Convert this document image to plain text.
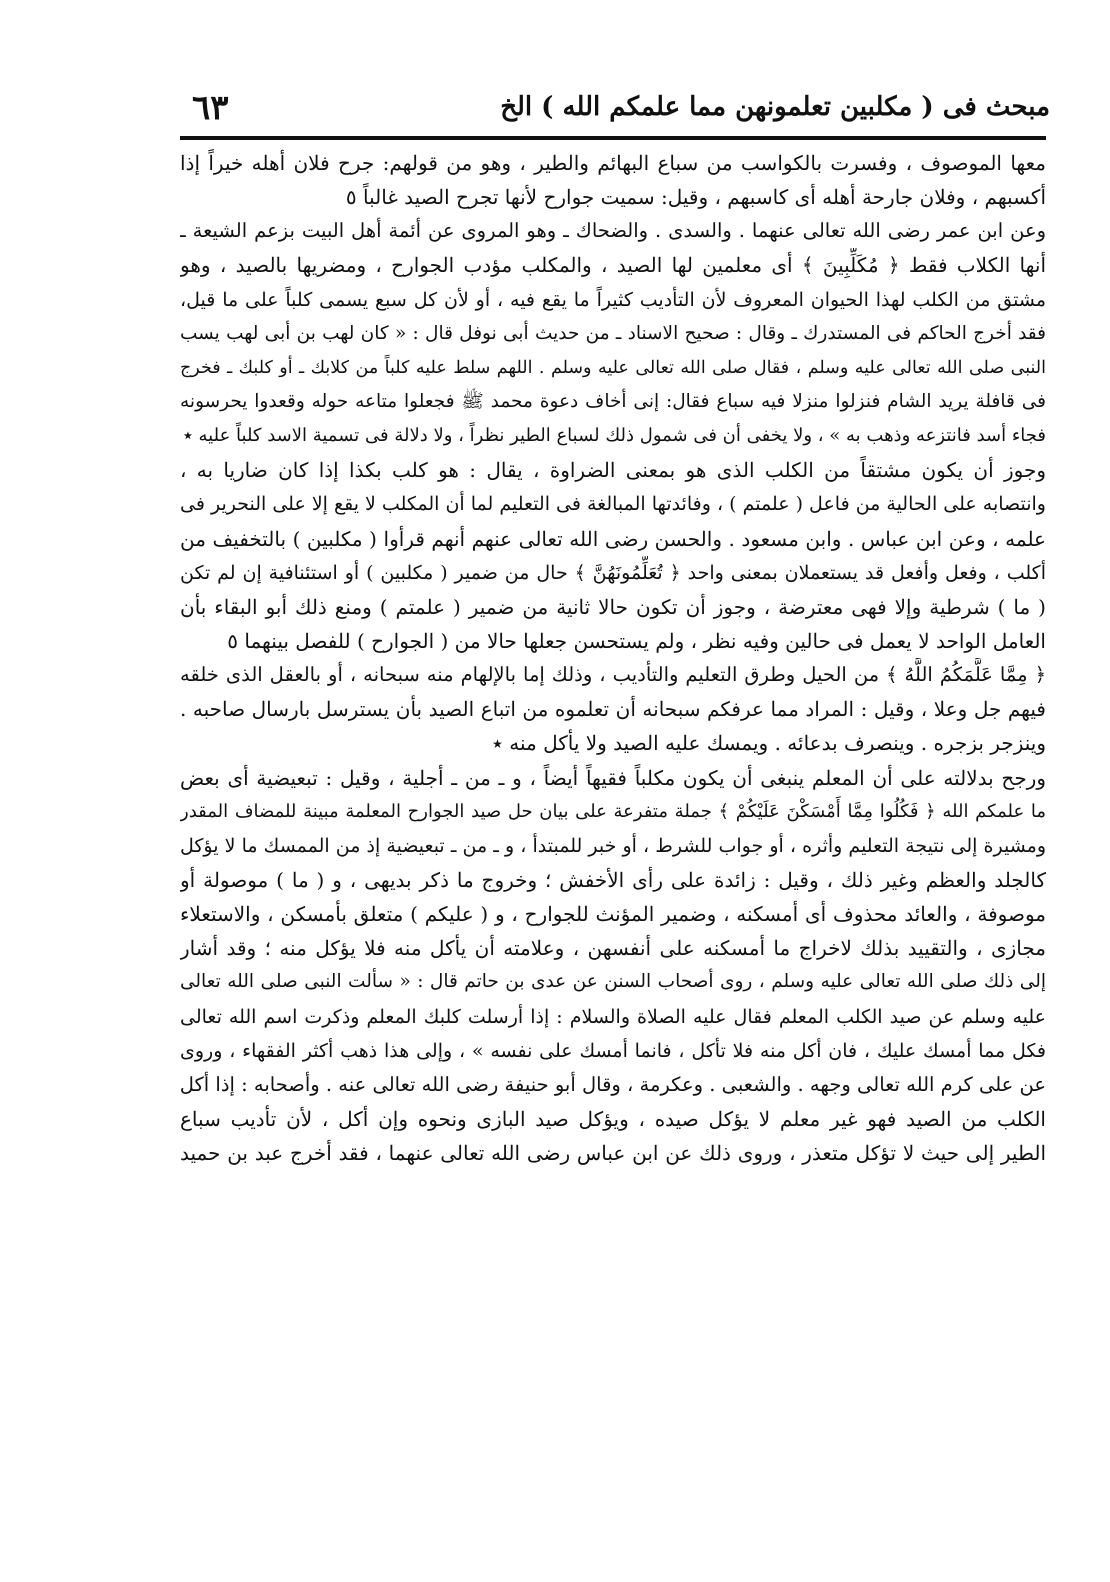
مبحث فی ( مکلبین تعلمونهن مما علمکم الله ) الخ
٦٣
معها الموصوف ، وفسرت بالكواسب من سباع البهائم والطير ، وهو من قولهم: جرح فلان أهله خيراً إذا
أكسبهم ، وفلان جارحة أهله أى كاسبهم ، وقيل: سميت جوارح لأنها تجرح الصيد غالباً ٥
وعن ابن عمر رضى الله تعالى عنهما . والسدى . والضحاك ـ وهو المروى عن أئمة أهل البيت بزعم الشيعة ـ
أنها الكلاب فقط ﴿ مُكَلِّبِينَ ﴾ أى معلمين لها الصيد ، والمكلب مؤدب الجوارح ، ومضريها بالصيد ، وهو
مشتق من الكلب لهذا الحيوان المعروف لأن التأديب كثيراً ما يقع فيه ، أو لأن كل سبع يسمى كلباً على ما قيل،
فقد أخرج الحاكم فى المستدرك ـ وقال : صحيح الاسناد ـ من حديث أبى نوفل قال : « كان لهب بن أبى لهب يسب
النبى صلى الله تعالى عليه وسلم ، فقال صلى الله تعالى عليه وسلم . اللهم سلط عليه كلباً من كلابك ـ أو كلبك ـ فخرج
فى قافلة يريد الشام فنزلوا منزلا فيه سباع فقال: إنى أخاف دعوة محمد ﷺ فجعلوا متاعه حوله وقعدوا يحرسونه
فجاء أسد فانتزعه وذهب به » ، ولا يخفى أن فى شمول ذلك لسباع الطير نظراً ، ولا دلالة فى تسمية الاسد كلباً عليه ٭
وجوز أن يكون مشتقاً من الكلب الذى هو بمعنى الضراوة ، يقال : هو كلب بكذا إذا كان ضاريا به ،
وانتصابه على الحالية من فاعل ( علمتم ) ، وفائدتها المبالغة فى التعليم لما أن المكلب لا يقع إلا على النحرير فى
علمه ، وعن ابن عباس . وابن مسعود . والحسن رضى الله تعالى عنهم أنهم قرأوا ( مكلبين ) بالتخفيف من
أكلب ، وفعل وأفعل قد يستعملان بمعنى واحد ﴿ تُعَلِّمُونَهُنَّ ﴾ حال من ضمير ( مكلبين ) أو استئنافية إن لم تكن
( ما ) شرطية وإلا فهى معترضة ، وجوز أن تكون حالا ثانية من ضمير ( علمتم ) ومنع ذلك أبو البقاء بأن
العامل الواحد لا يعمل فى حالين وفيه نظر ، ولم يستحسن جعلها حالا من ( الجوارح ) للفصل بينهما ٥
﴿ مِمَّا عَلَّمَكُمُ اللَّهُ ﴾ من الحيل وطرق التعليم والتأديب ، وذلك إما بالإلهام منه سبحانه ، أو بالعقل الذى خلقه
فيهم جل وعلا ، وقيل : المراد مما عرفكم سبحانه أن تعلموه من اتباع الصيد بأن يسترسل بارسال صاحبه .
وينزجر بزجره . وينصرف بدعائه . ويمسك عليه الصيد ولا يأكل منه ٭
ورجح بدلالته على أن المعلم ينبغى أن يكون مكلباً فقيهاً أيضاً ، و ـ من ـ أجلية ، وقيل : تبعيضية أى بعض
ما علمكم الله ﴿ فَكُلُوا مِمَّا أَمْسَكْنَ عَلَيْكُمْ ﴾ جملة متفرعة على بيان حل صيد الجوارح المعلمة مبينة للمضاف المقدر
ومشيرة إلى نتيجة التعليم وأثره ، أو جواب للشرط ، أو خبر للمبتدأ ، و ـ من ـ تبعيضية إذ من الممسك ما لا يؤكل
كالجلد والعظم وغير ذلك ، وقيل : زائدة على رأى الأخفش ؛ وخروج ما ذكر بديهى ، و ( ما ) موصولة أو
موصوفة ، والعائد محذوف أى أمسكنه ، وضمير المؤنث للجوارح ، و ( عليكم ) متعلق بأمسكن ، والاستعلاء
مجازى ، والتقييد بذلك لاخراج ما أمسكنه على أنفسهن ، وعلامته أن يأكل منه فلا يؤكل منه ؛ وقد أشار
إلى ذلك صلى الله تعالى عليه وسلم ، روى أصحاب السنن عن عدى بن حاتم قال : « سألت النبى صلى الله تعالى
عليه وسلم عن صيد الكلب المعلم فقال عليه الصلاة والسلام : إذا أرسلت كلبك المعلم وذكرت اسم الله تعالى
فكل مما أمسك عليك ، فان أكل منه فلا تأكل ، فانما أمسك على نفسه » ، وإلى هذا ذهب أكثر الفقهاء ، وروى
عن على كرم الله تعالى وجهه . والشعبى . وعكرمة ، وقال أبو حنيفة رضى الله تعالى عنه . وأصحابه : إذا أكل
الكلب من الصيد فهو غير معلم لا يؤكل صيده ، ويؤكل صيد البازى ونحوه وإن أكل ، لأن تأديب سباع
الطير إلى حيث لا تؤكل متعذر ، وروى ذلك عن ابن عباس رضى الله تعالى عنهما ، فقد أخرج عبد بن حميد
